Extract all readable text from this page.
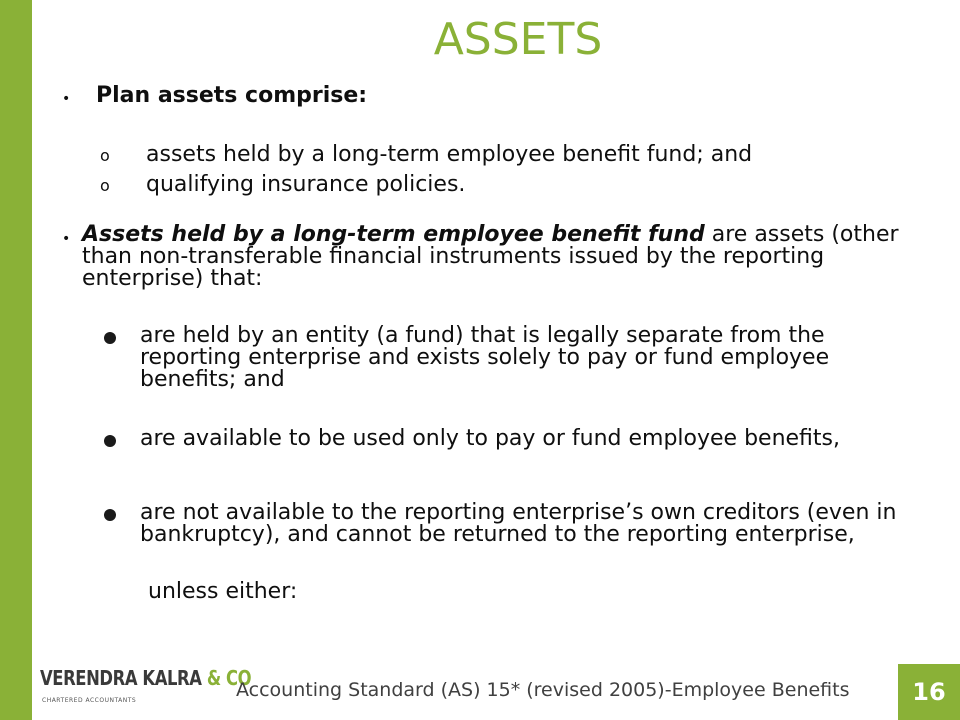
ASSETS
• Plan assets comprise:
o assets held by a long-term employee benefit fund; and
o qualifying insurance policies.
• Assets held by a long-term employee benefit fund are assets (other than non-transferable financial instruments issued by the reporting enterprise) that:
are held by an entity (a fund) that is legally separate from the reporting enterprise and exists solely to pay or fund employee benefits; and
are available to be used only to pay or fund employee benefits,
are not available to the reporting enterprise’s own creditors (even in bankruptcy), and cannot be returned to the reporting enterprise,
unless either:
VERENDRA KALRA & CO
CHARTERED ACCOUNTANTS	Accounting Standard (AS) 15* (revised 2005)-Employee Benefits	16
